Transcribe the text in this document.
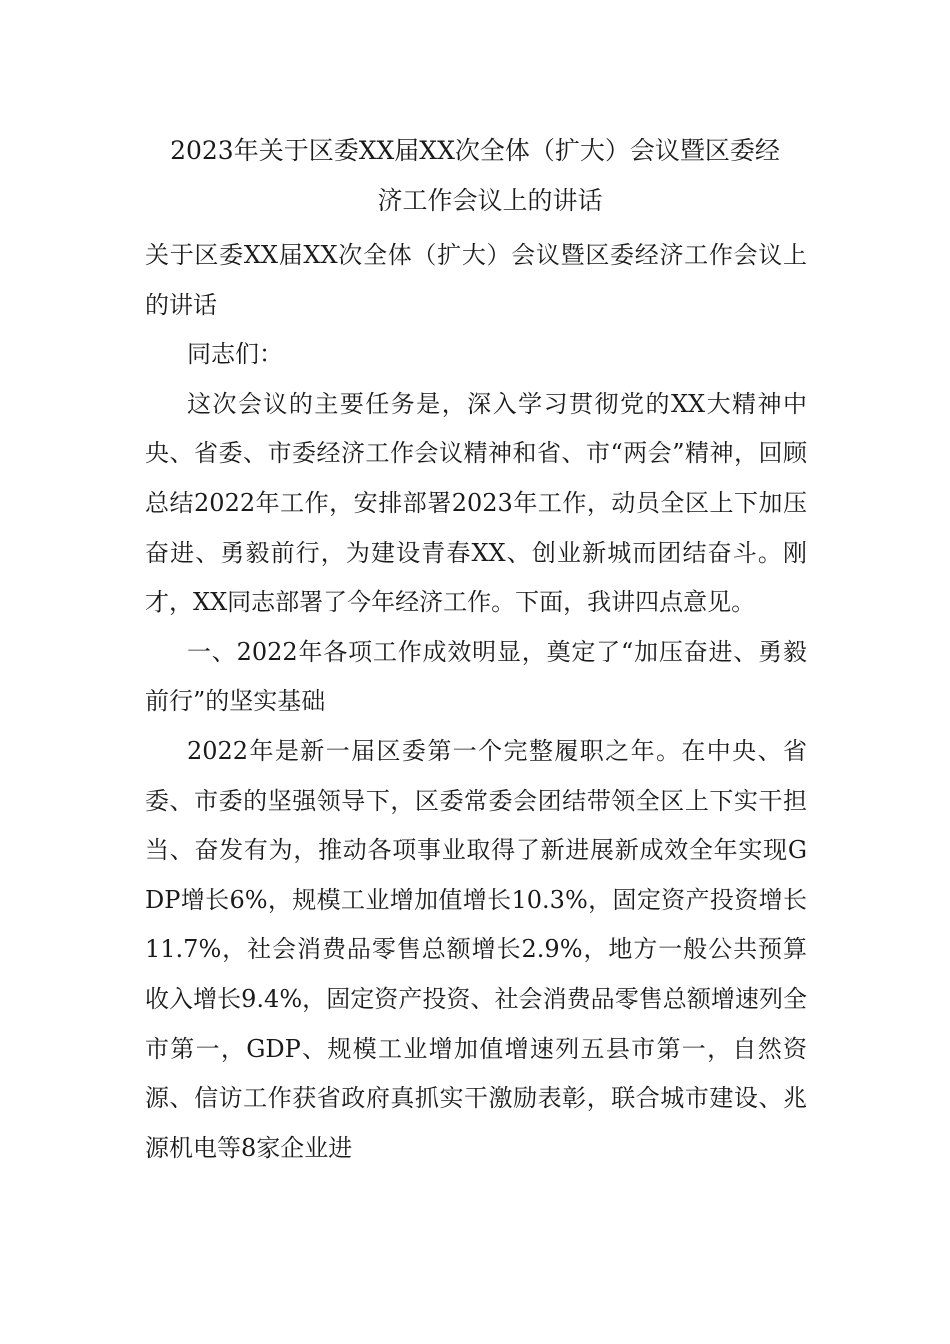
2023年关于区委XX届XX次全体（扩大）会议暨区委经
济工作会议上的讲话

关于区委XX届XX次全体（扩大）会议暨区委经济工作会议上的讲话

同志们：

这次会议的主要任务是，深入学习贯彻党的XX大精神中央、省委、市委经济工作会议精神和省、市“两会”精神，回顾总结2022年工作，安排部署2023年工作，动员全区上下加压奋进、勇毅前行，为建设青春XX、创业新城而团结奋斗。刚才，XX同志部署了今年经济工作。下面，我讲四点意见。

一、2022年各项工作成效明显，奠定了“加压奋进、勇毅前行”的坚实基础

2022年是新一届区委第一个完整履职之年。在中央、省委、市委的坚强领导下，区委常委会团结带领全区上下实干担当、奋发有为，推动各项事业取得了新进展新成效全年实现GDP增长6%，规模工业增加值增长10.3%，固定资产投资增长11.7%，社会消费品零售总额增长2.9%，地方一般公共预算收入增长9.4%，固定资产投资、社会消费品零售总额增速列全市第一，GDP、规模工业增加值增速列五县市第一，自然资源、信访工作获省政府真抓实干激励表彰，联合城市建设、兆源机电等8家企业进
